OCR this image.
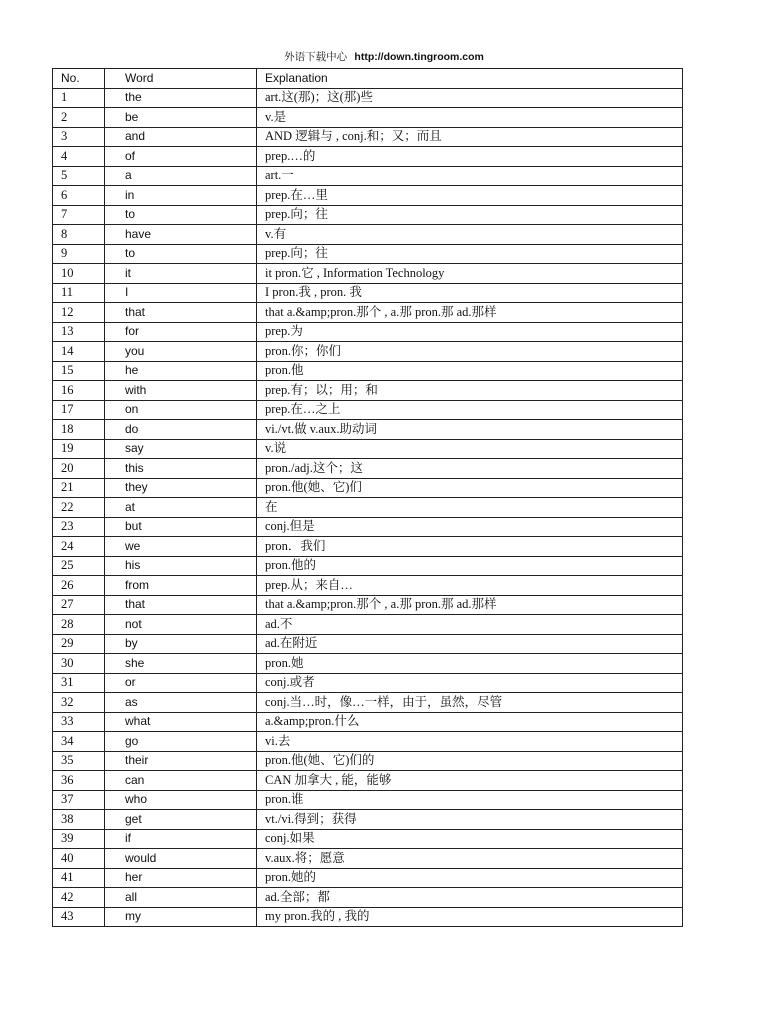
外语下载中心 http://down.tingroom.com
No.	Word	Explanation
1	the	art.这(那)；这(那)些
2	be	v.是
3	and	AND 逻辑与 , conj.和；又；而且
4	of	prep.…的
5	a	art.一
6	in	prep.在…里
7	to	prep.向；往
8	have	v.有
9	to	prep.向；往
10	it	it pron.它 , Information Technology
11	I	I pron.我 , pron. 我
12	that	that a.&amp;pron.那个 , a.那 pron.那 ad.那样
13	for	prep.为
14	you	pron.你；你们
15	he	pron.他
16	with	prep.有；以；用；和
17	on	prep.在…之上
18	do	vi./vt.做 v.aux.助动词
19	say	v.说
20	this	pron./adj.这个；这
21	they	pron.他(她、它)们
22	at	在
23	but	conj.但是
24	we	pron．我们
25	his	pron.他的
26	from	prep.从；来自…
27	that	that a.&amp;pron.那个 , a.那 pron.那 ad.那样
28	not	ad.不
29	by	ad.在附近
30	she	pron.她
31	or	conj.或者
32	as	conj.当…时，像…一样，由于，虽然，尽管
33	what	a.&amp;pron.什么
34	go	vi.去
35	their	pron.他(她、它)们的
36	can	CAN 加拿大 , 能，能够
37	who	pron.谁
38	get	vt./vi.得到；获得
39	if	conj.如果
40	would	v.aux.将；愿意
41	her	pron.她的
42	all	ad.全部；都
43	my	my pron.我的 , 我的
